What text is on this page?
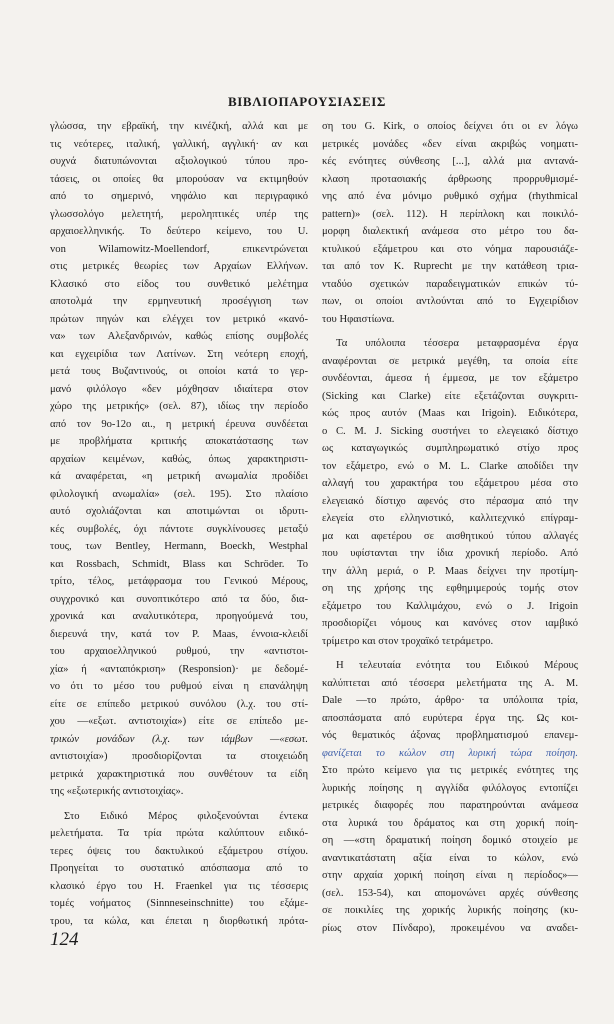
ΒΙΒΛΙΟΠΑΡΟΥΣΙΑΣΕΙΣ
γλώσσα, την εβραϊκή, την κινέζική, αλλά και με
τις νεότερες, ιταλική, γαλλική, αγγλική· αν και
συχνά διατυπώνονται αξιολογικού τύπου προ-
τάσεις, οι οποίες θα μπορούσαν να εκτιμηθούν
από το σημερινό, νηφάλιο και περιγραφικό
γλωσσολόγο μελετητή, μεροληπτικές υπέρ της
αρχαιοελληνικής. Το δεύτερο κείμενο, του U.
von Wilamowitz-Moellendorf, επικεντρώνεται
στις μετρικές θεωρίες των Αρχαίων Ελλήνων.
Κλασικό στο είδος του συνθετικό μελέτημα
αποτολμά την ερμηνευτική προσέγγιση των
πρώτων πηγών και ελέγχει τον μετρικό «κανό-
να» των Αλεξανδρινών, καθώς επίσης συμβολές
και εγχειρίδια των Λατίνων. Στη νεότερη εποχή,
μετά τους Βυζαντινούς, οι οποίοι κατά το γερ-
μανό φιλόλογο «δεν μόχθησαν ιδιαίτερα στον
χώρο της μετρικής» (σελ. 87), ιδίως την περίοδο
από τον 9ο-12ο αι., η μετρική έρευνα συνδέεται
με προβλήματα κριτικής αποκατάστασης των
αρχαίων κειμένων, καθώς, όπως χαρακτηριστι-
κά αναφέρεται, «η μετρική ανωμαλία προδίδει
φιλολογική ανωμαλία» (σελ. 195). Στο πλαίσιο
αυτό σχολιάζονται και αποτιμώνται οι ιδρυτι-
κές συμβολές, όχι πάντοτε συγκλίνουσες μεταξύ
τους, των Bentley, Hermann, Boeckh, Westphal
και Rossbach, Schmidt, Blass και Schröder. Το
τρίτο, τέλος, μετάφρασμα του Γενικού Μέρους,
συγχρονικό και συνοπτικότερο από τα δύο, δια-
χρονικά και αναλυτικότερα, προηγούμενά του,
διερευνά την, κατά τον P. Maas, έννοια-κλειδί
του αρχαιοελληνικού ρυθμού, την «αντιστοι-
χία» ή «ανταπόκριση» (Responsion)· με δεδομέ-
νο ότι το μέσο του ρυθμού είναι η επανάληψη
είτε σε επίπεδο μετρικού συνόλου (λ.χ. του στί-
χου —«εξωτ. αντιστοιχία») είτε σε επίπεδο με-
τρικών μονάδων (λ.χ. των ιάμβων —«εσωτ.
αντιστοιχία») προσδιορίζονται τα στοιχειώδη
μετρικά χαρακτηριστικά που συνθέτουν τα είδη
της «εξωτερικής αντιστοιχίας».
Στο Ειδικό Μέρος φιλοξενούνται έντεκα
μελετήματα. Τα τρία πρώτα καλύπτουν ειδικό-
τερες όψεις του δακτυλικού εξάμετρου στίχου.
Προηγείται το συστατικό απόσπασμα από το
κλασικό έργο του H. Fraenkel για τις τέσσερις
τομές νοήματος (Sinnneseinschnitte) του εξάμε-
τρου, τα κώλα, και έπεται η διορθωτική πρότα-
ση του G. Kirk, ο οποίος δείχνει ότι οι εν λόγω
μετρικές μονάδες «δεν είναι ακριβώς νοηματι-
κές ενότητες σύνθεσης [...], αλλά μια αντανά-
κλαση προτασιακής άρθρωσης προρρυθμισμέ-
νης από ένα μόνιμο ρυθμικό σχήμα (rhythmical
pattern)» (σελ. 112). Η περίπλοκη και ποικιλό-
μορφη διαλεκτική ανάμεσα στο μέτρο του δα-
κτυλικού εξάμετρου και στο νόημα παρουσιάζε-
ται από τον K. Ruprecht με την κατάθεση τρια-
νταδύο σχετικών παραδειγματικών επικών τύ-
πων, οι οποίοι αντλούνται από το Εγχειρίδιον
του Ηφαιστίωνα.
Τα υπόλοιπα τέσσερα μεταφρασμένα έργα
αναφέρονται σε μετρικά μεγέθη, τα οποία είτε
συνδέονται, άμεσα ή έμμεσα, με τον εξάμετρο
(Sicking και Clarke) είτε εξετάζονται συγκριτι-
κώς προς αυτόν (Maas και Irigoin). Ειδικότερα,
ο C. M. J. Sicking συστήνει το ελεγειακό δίστιχο
ως καταγωγικώς συμπληρωματικό στίχο προς
τον εξάμετρο, ενώ ο M. L. Clarke αποδίδει την
αλλαγή του χαρακτήρα του εξάμετρου μέσα στο
ελεγειακό δίστιχο αφενός στο πέρασμα από την
ελεγεία στο ελληνιστικό, καλλιτεχνικό επίγραμ-
μα και αφετέρου σε αισθητικού τύπου αλλαγές
που υφίστανται την ίδια χρονική περίοδο. Από
την άλλη μεριά, ο P. Maas δείχνει την προτίμη-
ση της χρήσης της εφθημιμερούς τομής στον
εξάμετρο του Καλλιμάχου, ενώ ο J. Irigoin
προσδιορίζει νόμους και κανόνες στον ιαμβικό
τρίμετρο και στον τροχαϊκό τετράμετρο.
Η τελευταία ενότητα του Ειδικού Μέρους
καλύπτεται από τέσσερα μελετήματα της A. M.
Dale —το πρώτο, άρθρο· τα υπόλοιπα τρία,
αποσπάσματα από ευρύτερα έργα της. Ως κοι-
νός θεματικός άξονας προβληματισμού επανεμ-
φανίζεται το κώλον στη λυρική τώρα ποίηση.
Στο πρώτο κείμενο για τις μετρικές ενότητες της
λυρικής ποίησης η αγγλίδα φιλόλογος εντοπίζει
μετρικές διαφορές που παρατηρούνται ανάμεσα
στα λυρικά του δράματος και στη χορική ποίη-
ση —«στη δραματική ποίηση δομικό στοιχείο με
αναντικατάστατη αξία είναι το κώλον, ενώ
στην αρχαία χορική ποίηση είναι η περίοδος»—
(σελ. 153-54), και απομονώνει αρχές σύνθεσης
σε ποικιλίες της χορικής λυρικής ποίησης (κυ-
ρίως στον Πίνδαρο), προκειμένου να αναδει-
124
